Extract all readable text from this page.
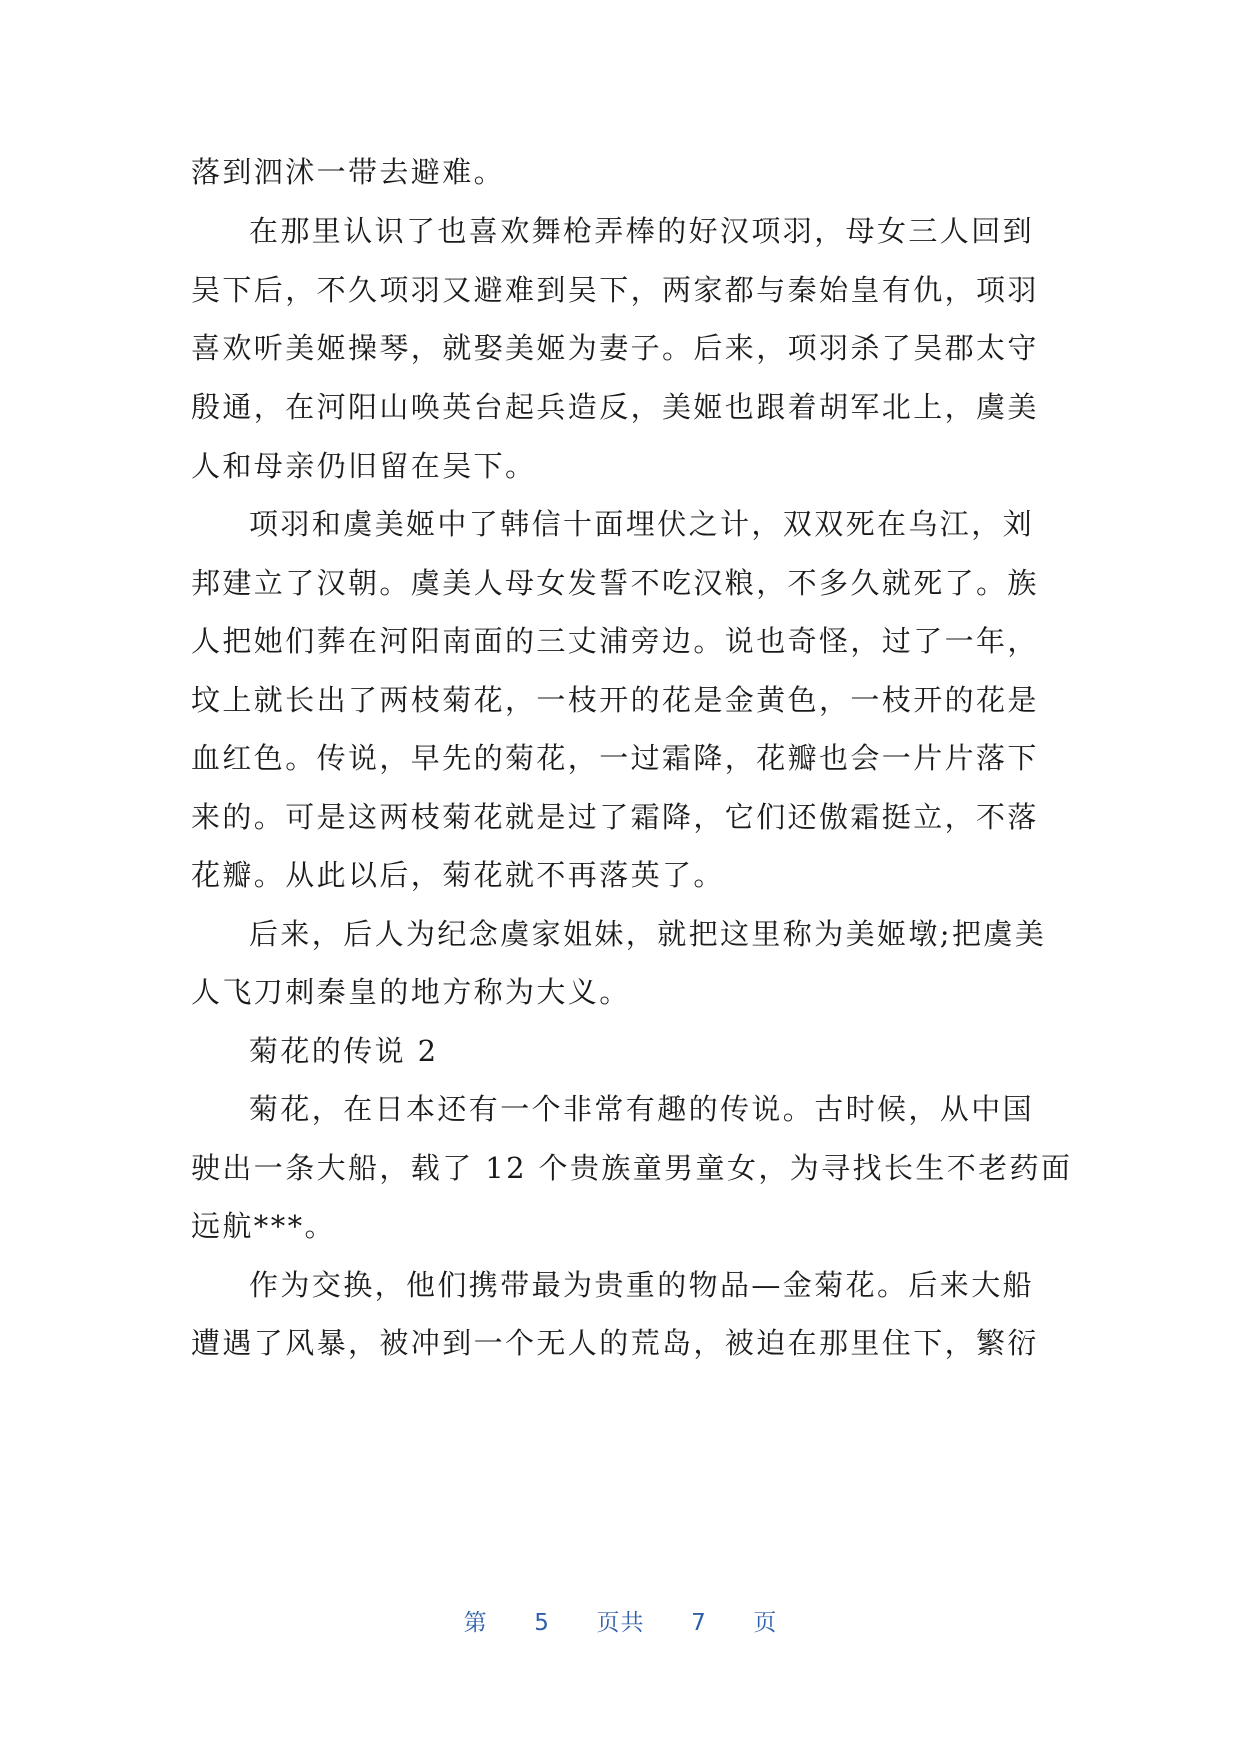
落到泗沭一带去避难。
在那里认识了也喜欢舞枪弄棒的好汉项羽，母女三人回到
吴下后，不久项羽又避难到吴下，两家都与秦始皇有仇，项羽
喜欢听美姬操琴，就娶美姬为妻子。后来，项羽杀了吴郡太守
殷通，在河阳山唤英台起兵造反，美姬也跟着胡军北上，虞美
人和母亲仍旧留在吴下。
项羽和虞美姬中了韩信十面埋伏之计，双双死在乌江，刘
邦建立了汉朝。虞美人母女发誓不吃汉粮，不多久就死了。族
人把她们葬在河阳南面的三丈浦旁边。说也奇怪，过了一年，
坟上就长出了两枝菊花，一枝开的花是金黄色，一枝开的花是
血红色。传说，早先的菊花，一过霜降，花瓣也会一片片落下
来的。可是这两枝菊花就是过了霜降，它们还傲霜挺立，不落
花瓣。从此以后，菊花就不再落英了。
后来，后人为纪念虞家姐妹，就把这里称为美姬墩;把虞美
人飞刀刺秦皇的地方称为大义。
菊花的传说 2
菊花，在日本还有一个非常有趣的传说。古时候，从中国
驶出一条大船，载了 12 个贵族童男童女，为寻找长生不老药面
远航***。
作为交换，他们携带最为贵重的物品—金菊花。后来大船
遭遇了风暴，被冲到一个无人的荒岛，被迫在那里住下，繁衍
第 5 页共 7 页
